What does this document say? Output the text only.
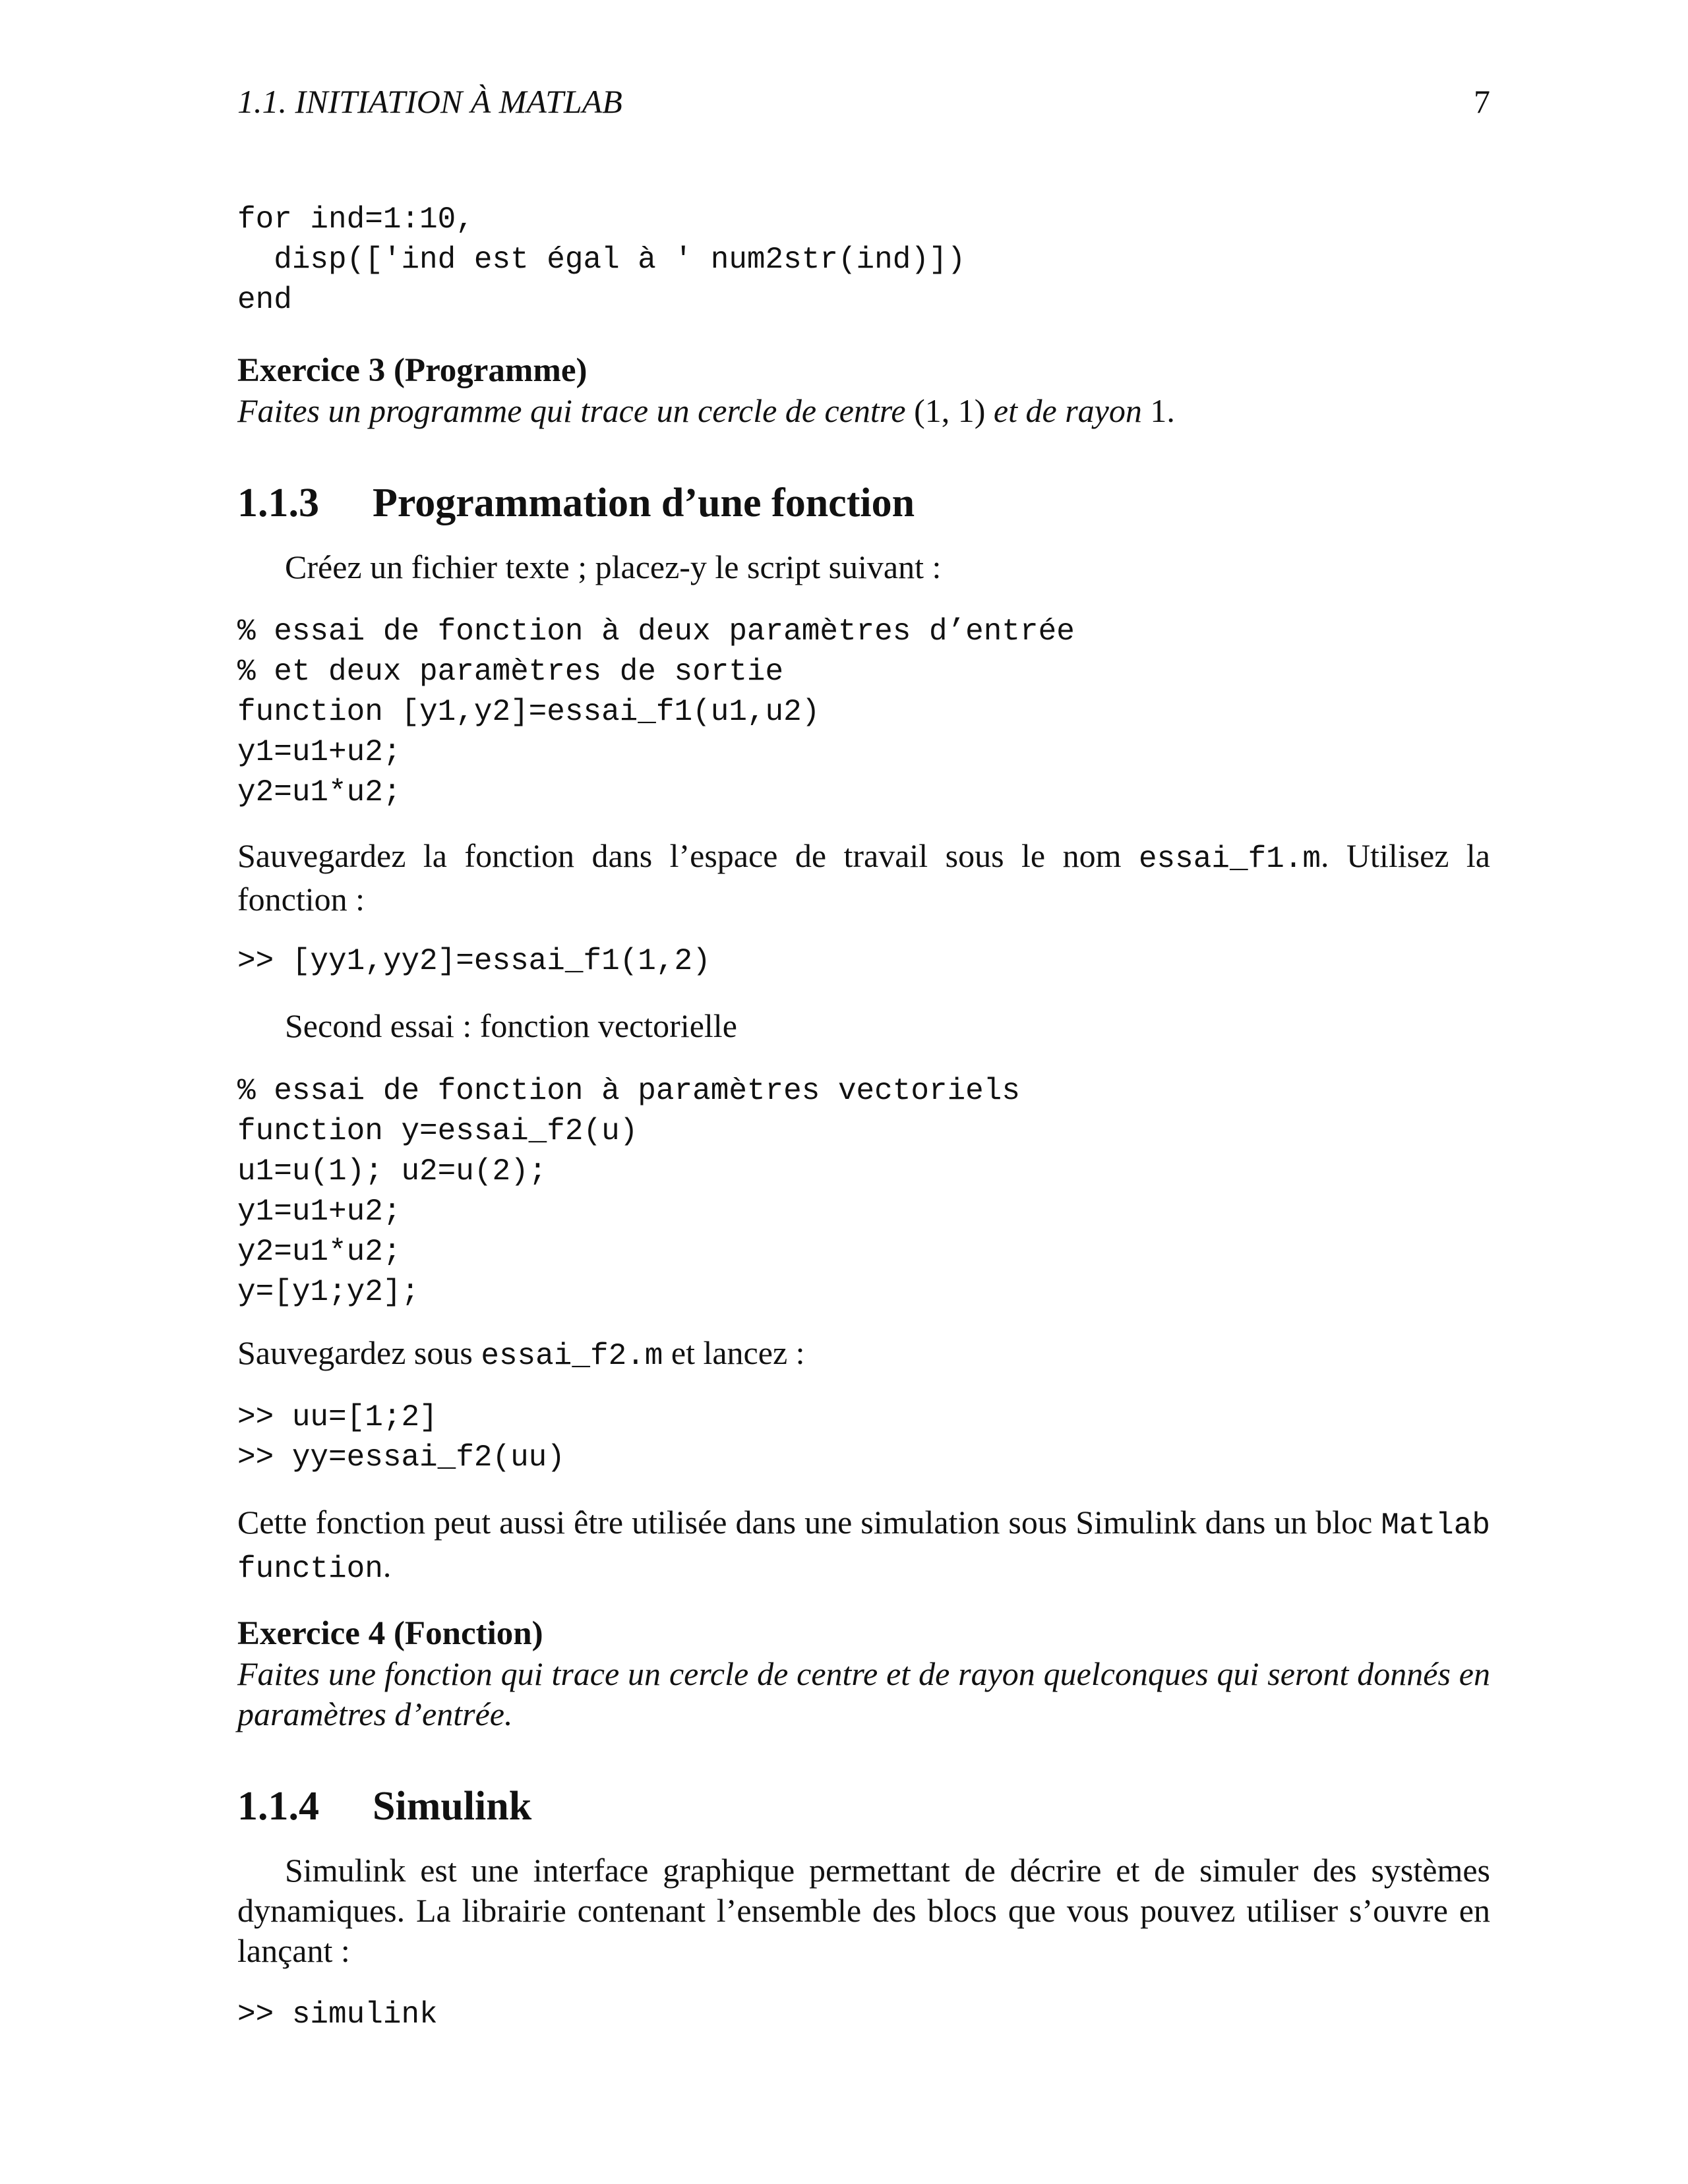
1.1. INITIATION À MATLAB	7
for ind=1:10,
disp(['ind est égal à ' num2str(ind)])
end
Exercice 3 (Programme)
Faites un programme qui trace un cercle de centre (1, 1) et de rayon 1.
1.1.3 Programmation d’une fonction
Créez un fichier texte ; placez-y le script suivant :
% essai de fonction à deux paramètres d’entrée
% et deux paramètres de sortie
function [y1,y2]=essai_f1(u1,u2)
y1=u1+u2;
y2=u1*u2;
Sauvegardez la fonction dans l’espace de travail sous le nom essai_f1.m. Utilisez la fonction :
>> [yy1,yy2]=essai_f1(1,2)
Second essai : fonction vectorielle
% essai de fonction à paramètres vectoriels
function y=essai_f2(u)
u1=u(1); u2=u(2);
y1=u1+u2;
y2=u1*u2;
y=[y1;y2];
Sauvegardez sous essai_f2.m et lancez :
>> uu=[1;2]
>> yy=essai_f2(uu)
Cette fonction peut aussi être utilisée dans une simulation sous Simulink dans un bloc Matlab function.
Exercice 4 (Fonction)
Faites une fonction qui trace un cercle de centre et de rayon quelconques qui seront donnés en paramètres d’entrée.
1.1.4 Simulink
Simulink est une interface graphique permettant de décrire et de simuler des systèmes dynamiques. La librairie contenant l’ensemble des blocs que vous pouvez utiliser s’ouvre en lançant :
>> simulink
